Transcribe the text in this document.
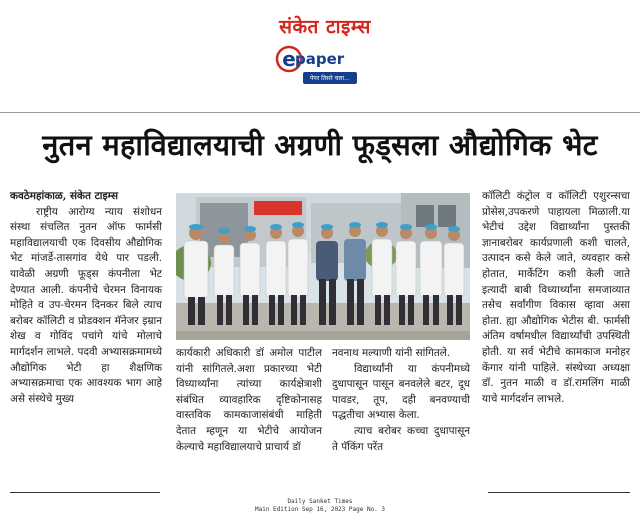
संकेत टाइम्स
e paper
पेपर तिसरे चला...
नुतन महाविद्यालयाची अग्रणी फूड्सला औद्योगिक भेट

कवठेमहांकाळ, संकेत टाइम्स

राष्ट्रीय आरोग्य न्याय संशोधन संस्था संचलित नुतन ऑफ फार्मसी महाविद्यालयाची एक दिवसीय औद्योगिक भेट मांजर्डे-तासगांव येथे पार पडली. यावेळी अग्रणी फूड्स कंपनीला भेट देण्यात आली. कंपनीचे चेरमन विनायक मोहिते व उप-चेरमन दिनकर बिले त्याच बरोबर कॉलिटी व प्रोडक्शन मॅनेजर इम्रान शेख व गोविंद पचांगे यांचे मोलाचे मार्गदर्शन लाभले. पदवी अभ्यासक्रमामध्ये औद्योगिक भेटी हा शैक्षणिक अभ्यासक्रमाचा एक आवश्यक भाग आहे असे संस्थेचे मुख्य

कार्यकारी अधिकारी डॉ अमोल पाटील यांनी सांगितले.अशा प्रकारच्या भेटी विध्यार्थ्यांना त्यांच्या कार्यक्षेत्राशी संबंधित व्यावहारिक दृष्टिकोनासह वास्तविक कामकाजासंबंधी माहिती देतात म्हणून या भेटीचे आयोजन केल्याचे महाविद्यालयाचे प्राचार्य डॉ

नवनाथ मल्याणी यांनी सांगितले.

विद्यार्थ्यांनी या कंपनीमध्ये दुधापासून पासून बनवलेले बटर, दूध पावडर, तूप, दही बनवण्याची पद्धतीचा अभ्यास केला.

त्याच बरोबर कच्चा दुधापासून ते पॅकिंग परेंत

कॉलिटी कंट्रोल व कॉलिटी एशुरन्सचा प्रोसेस,उपकरणे पाहायला मिळाली.या भेटीचं उद्देश विद्यार्थ्यांना पुस्तकी ज्ञानाबरोबर कार्यप्रणाली कशी चालते, उत्पादन कसे केले जाते, व्यवहार कसे होतात, मार्केटिंग कशी केली जाते इत्यादी बाबी विध्यार्थ्यांना समजाव्यात तसेच सर्वांगीण विकास व्हावा असा होता. ह्या औद्योगिक भेटीस बी. फार्मसी अंतिम वर्षामधील विद्यार्थ्यांची उपस्थिती होती. या सर्व भेटीचे कामकाज मनोहर केंगार यांनी पाहिले. संस्थेच्या अध्यक्षा डॉ. नुतन माळी व डॉ.रामलिंग माळी याचे मार्गदर्शन लाभले.

Daily Sanket Times
Main Edition Sep 16, 2023 Page No. 3
